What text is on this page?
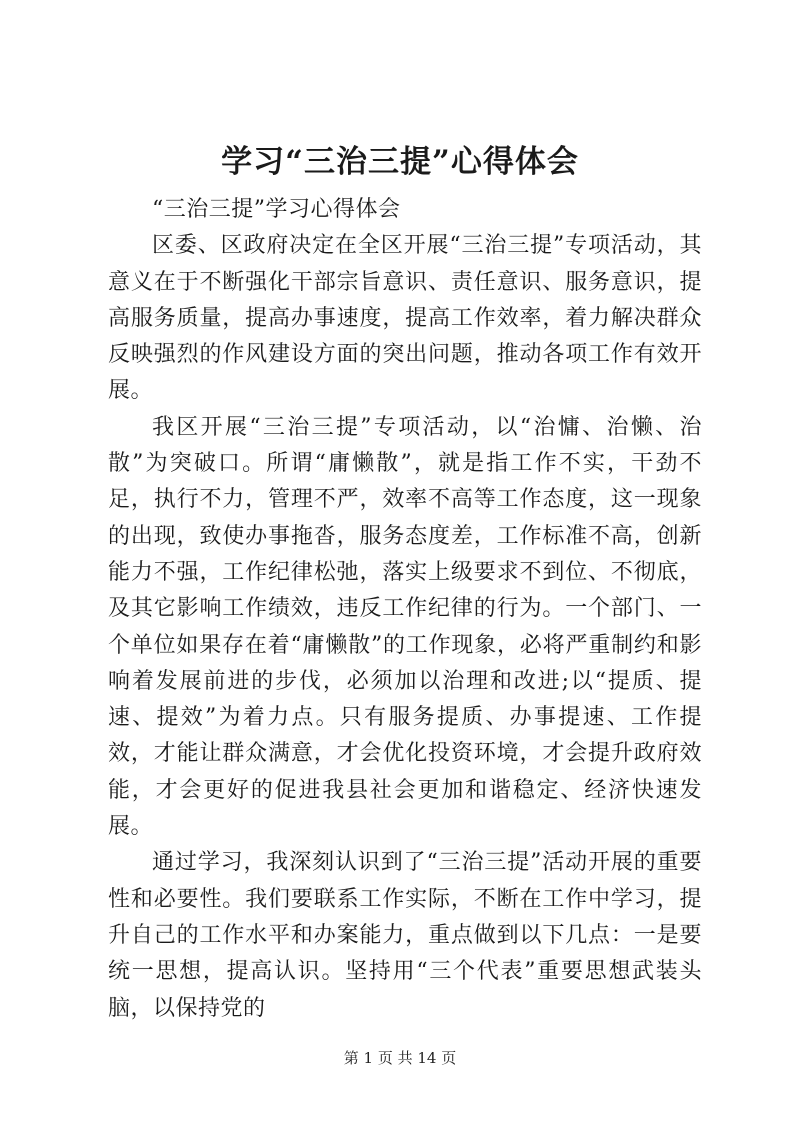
学习“三治三提”心得体会

“三治三提”学习心得体会

区委、区政府决定在全区开展“三治三提”专项活动，其意义在于不断强化干部宗旨意识、责任意识、服务意识，提高服务质量，提高办事速度，提高工作效率，着力解决群众反映强烈的作风建设方面的突出问题，推动各项工作有效开展。

我区开展“三治三提”专项活动，以“治慵、治懒、治散”为突破口。所谓“庸懒散”，就是指工作不实，干劲不足，执行不力，管理不严，效率不高等工作态度，这一现象的出现，致使办事拖沓，服务态度差，工作标准不高，创新能力不强，工作纪律松弛，落实上级要求不到位、不彻底，及其它影响工作绩效，违反工作纪律的行为。一个部门、一个单位如果存在着“庸懒散”的工作现象，必将严重制约和影响着发展前进的步伐，必须加以治理和改进;以“提质、提速、提效”为着力点。只有服务提质、办事提速、工作提效，才能让群众满意，才会优化投资环境，才会提升政府效能，才会更好的促进我县社会更加和谐稳定、经济快速发展。

通过学习，我深刻认识到了“三治三提”活动开展的重要性和必要性。我们要联系工作实际，不断在工作中学习，提升自己的工作水平和办案能力，重点做到以下几点：一是要统一思想，提高认识。坚持用“三个代表”重要思想武装头脑，以保持党的

第 1 页 共 14 页
